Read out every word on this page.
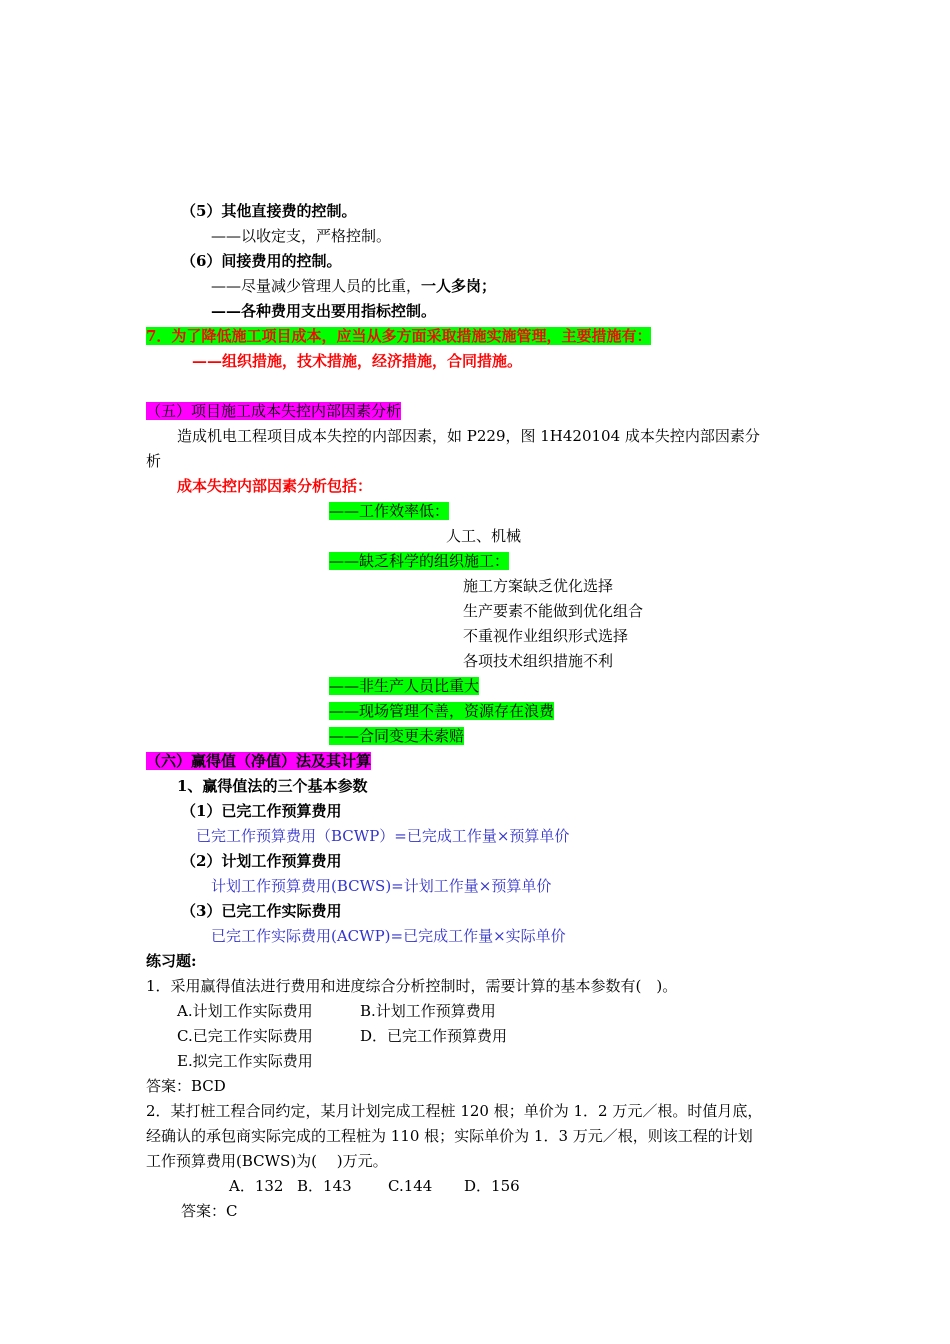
（5）其他直接费的控制。
——以收定支，严格控制。
（6）间接费用的控制。
——尽量减少管理人员的比重，一人多岗；
——各种费用支出要用指标控制。
7．为了降低施工项目成本，应当从多方面采取措施实施管理，主要措施有：
——组织措施，技术措施，经济措施，合同措施。
（五）项目施工成本失控内部因素分析
造成机电工程项目成本失控的内部因素，如 P229，图 1H420104 成本失控内部因素分
析
成本失控内部因素分析包括：
——工作效率低：
人工、机械
——缺乏科学的组织施工：
施工方案缺乏优化选择
生产要素不能做到优化组合
不重视作业组织形式选择
各项技术组织措施不利
——非生产人员比重大
——现场管理不善，资源存在浪费
——合同变更未索赔
（六）赢得值（净值）法及其计算
1、赢得值法的三个基本参数
（1）已完工作预算费用
已完工作预算费用（BCWP）=已完成工作量×预算单价
（2）计划工作预算费用
计划工作预算费用(BCWS)=计划工作量×预算单价
（3）已完工作实际费用
已完工作实际费用(ACWP)=已完成工作量×实际单价
练习题:
1．采用赢得值法进行费用和进度综合分析控制时，需要计算的基本参数有(　)。
A.计划工作实际费用	B.计划工作预算费用
C.已完工作实际费用	D．已完工作预算费用
E.拟完工作实际费用
答案：BCD
2．某打桩工程合同约定，某月计划完成工程桩 120 根；单价为 1．2 万元／根。时值月底，
经确认的承包商实际完成的工程桩为 110 根；实际单价为 1．3 万元／根，则该工程的计划
工作预算费用(BCWS)为(　 )万元。
A．132 B．143 C.144 D．156
答案：C
